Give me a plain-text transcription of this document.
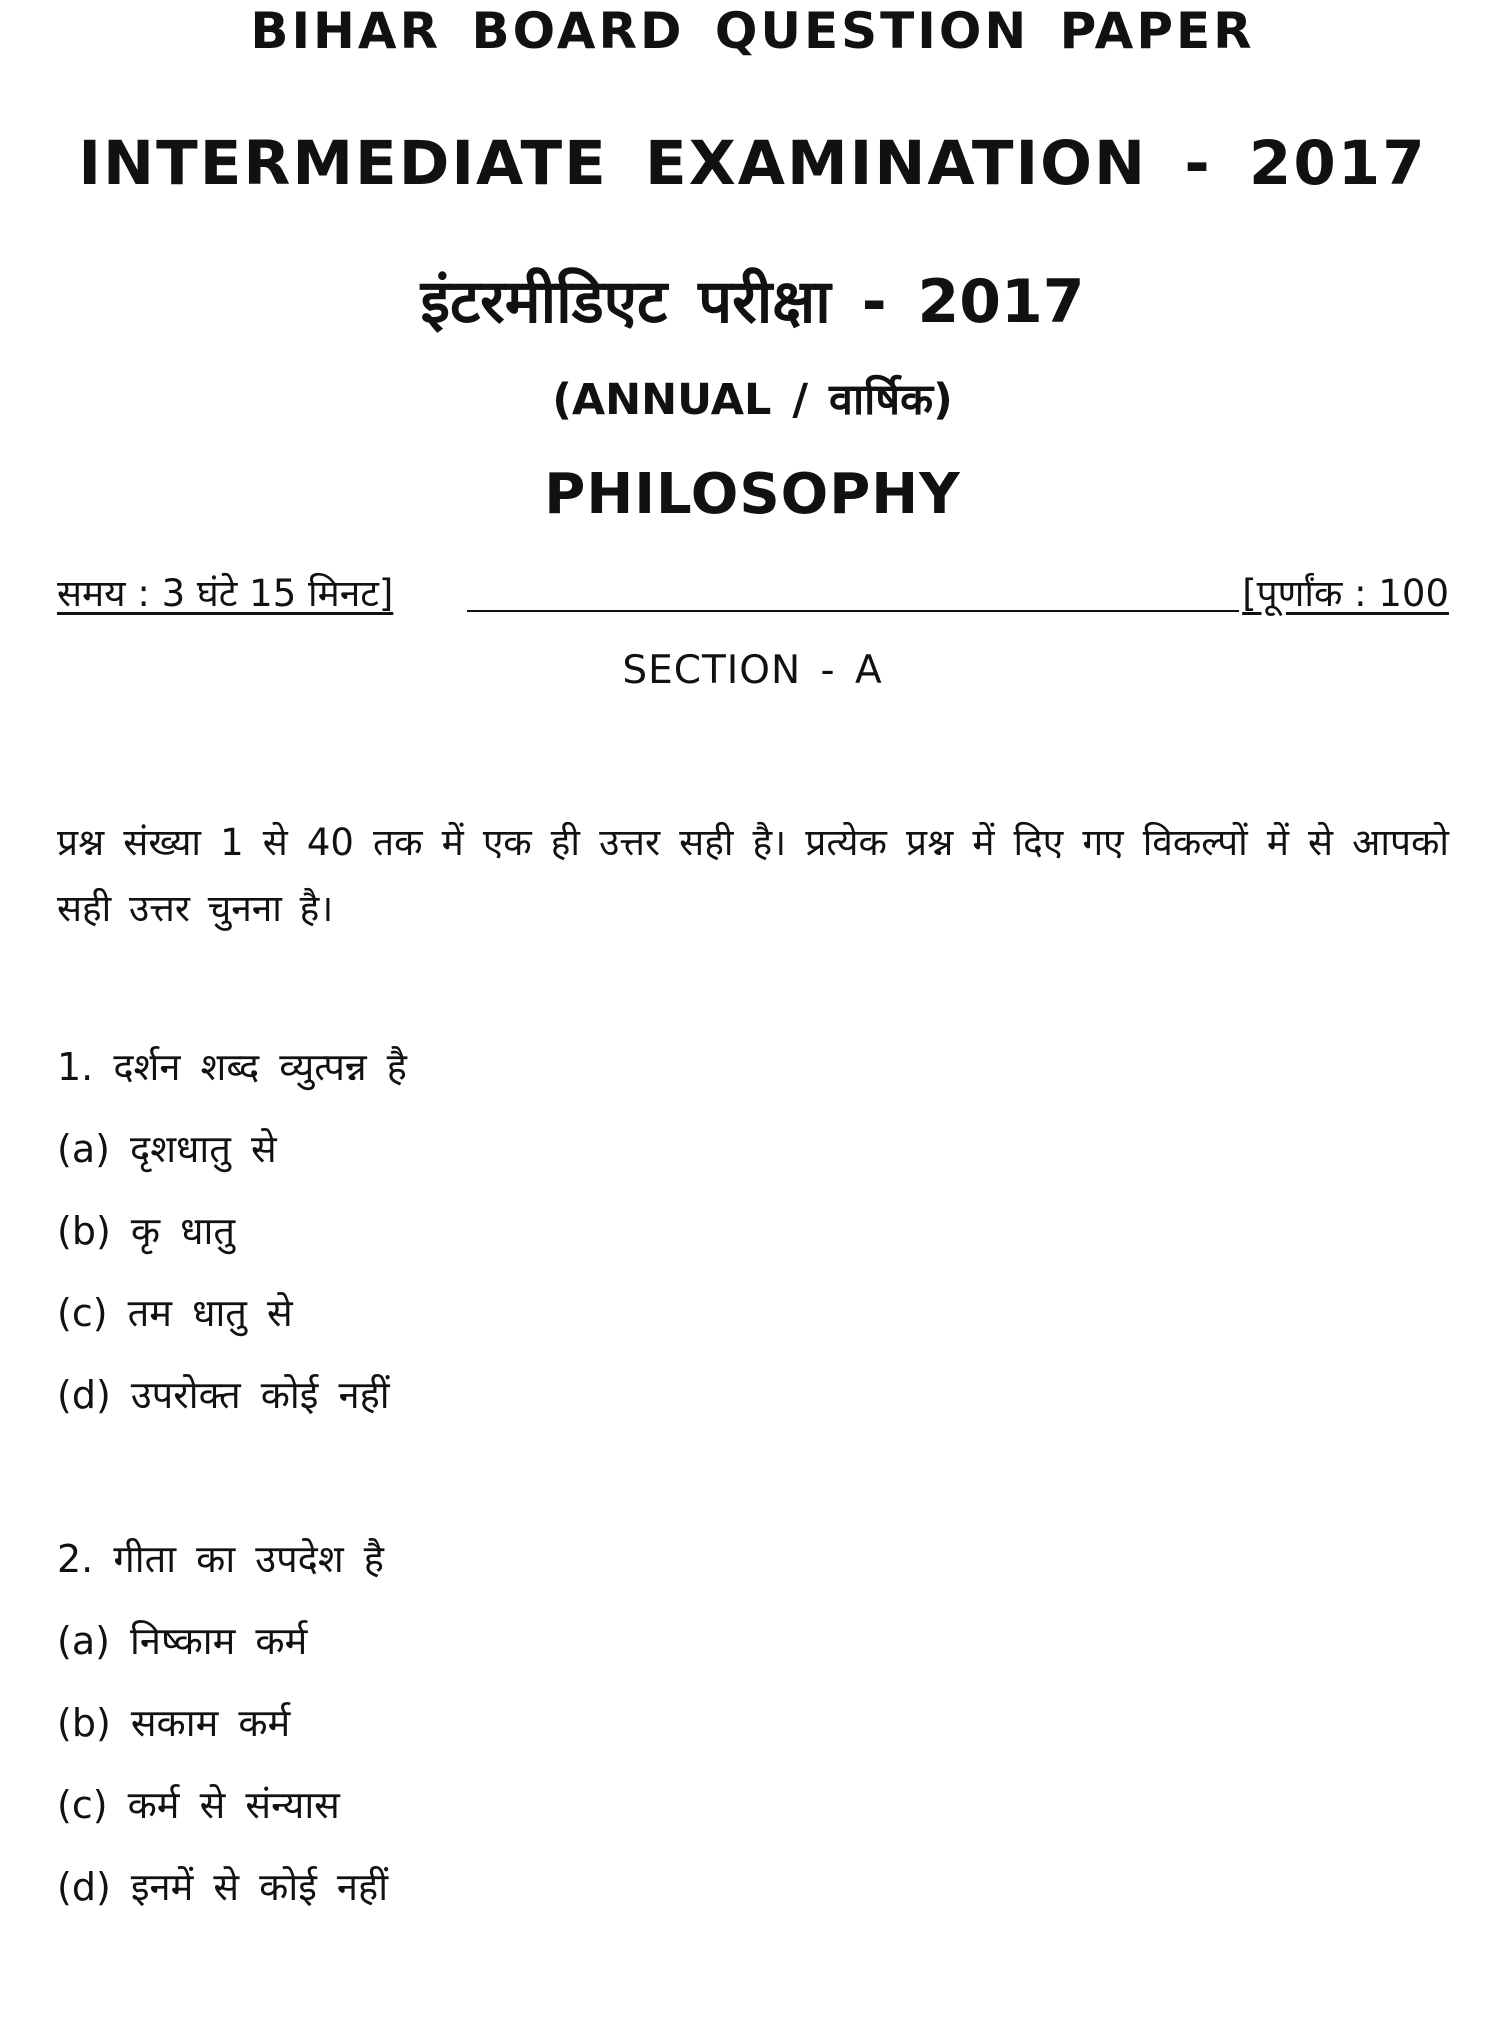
BIHAR BOARD QUESTION PAPER
INTERMEDIATE EXAMINATION - 2017
इंटरमीडिएट परीक्षा - 2017
(ANNUAL / वार्षिक)
PHILOSOPHY
समय : 3 घंटे 15 मिनट]	[पूर्णांक : 100
SECTION - A
प्रश्न संख्या 1 से 40 तक में एक ही उत्तर सही है। प्रत्येक प्रश्न में दिए गए विकल्पों में से आपको सही उत्तर चुनना है।
1. दर्शन शब्द व्युत्पन्न है
(a) दृशधातु से
(b) कृ धातु
(c) तम धातु से
(d) उपरोक्त कोई नहीं
2. गीता का उपदेश है
(a) निष्काम कर्म
(b) सकाम कर्म
(c) कर्म से संन्यास
(d) इनमें से कोई नहीं
